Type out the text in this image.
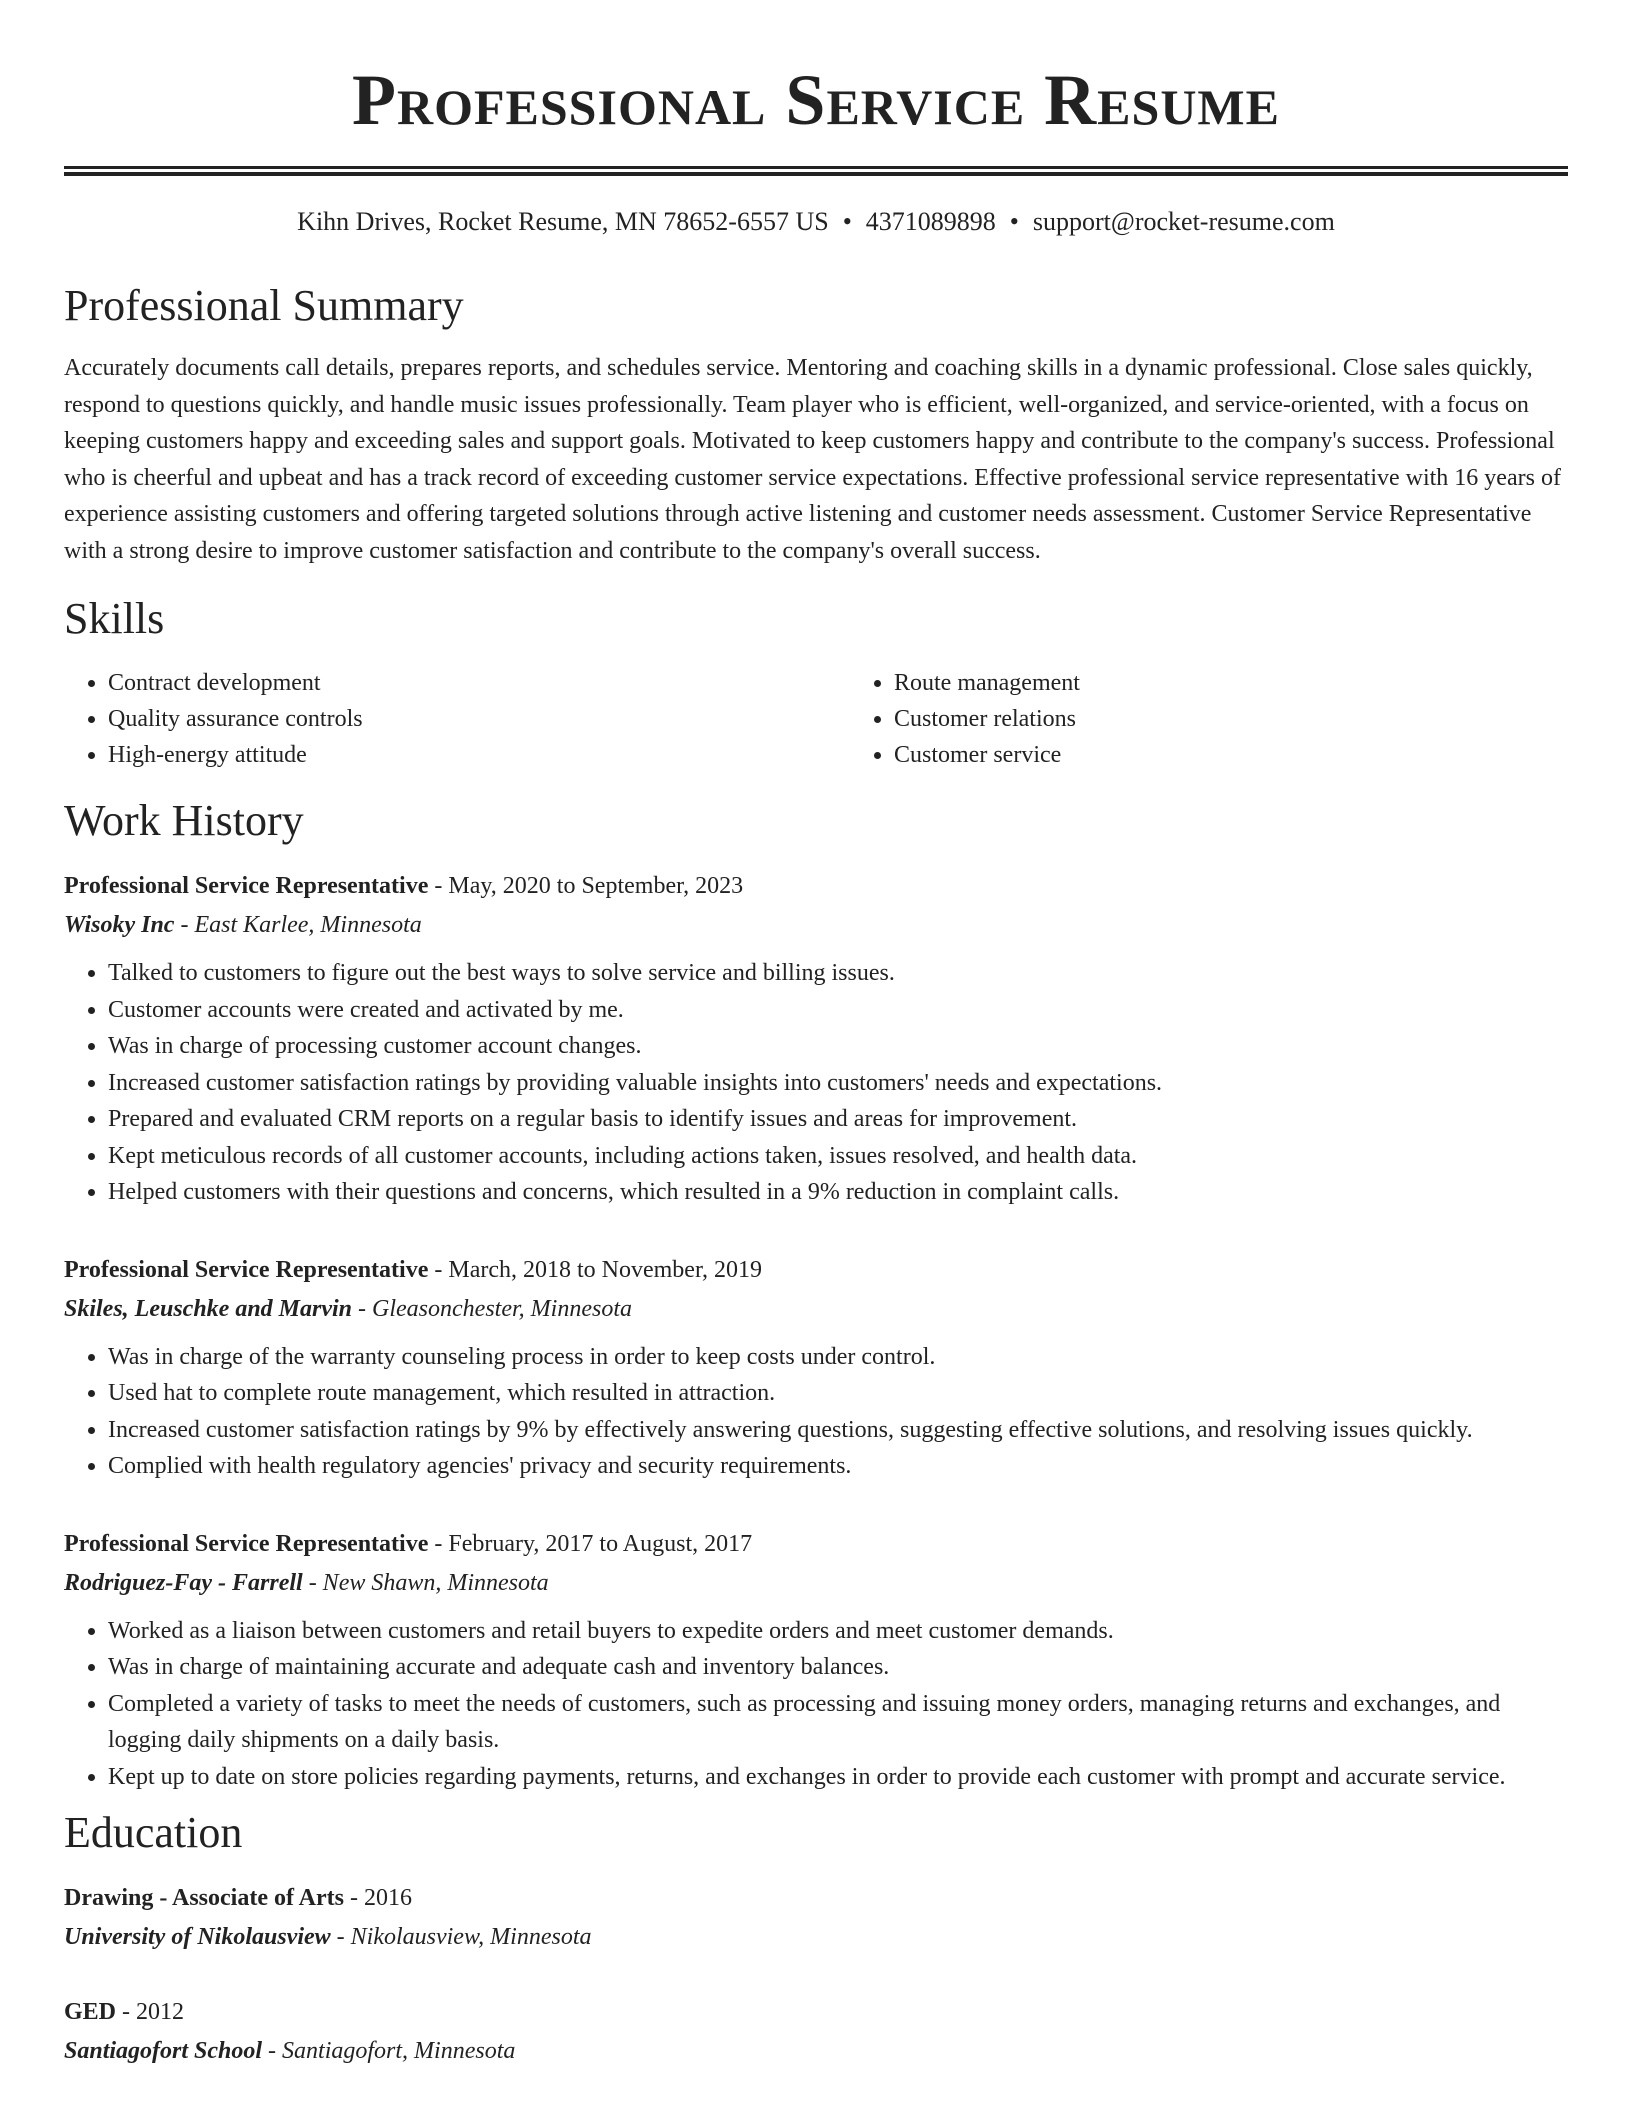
Professional Service Resume
Kihn Drives, Rocket Resume, MN 78652-6557 US • 4371089898 • support@rocket-resume.com
Professional Summary

Accurately documents call details, prepares reports, and schedules service. Mentoring and coaching skills in a dynamic professional. Close sales quickly, respond to questions quickly, and handle music issues professionally. Team player who is efficient, well-organized, and service-oriented, with a focus on keeping customers happy and exceeding sales and support goals. Motivated to keep customers happy and contribute to the company's success. Professional who is cheerful and upbeat and has a track record of exceeding customer service expectations. Effective professional service representative with 16 years of experience assisting customers and offering targeted solutions through active listening and customer needs assessment. Customer Service Representative with a strong desire to improve customer satisfaction and contribute to the company's overall success.

Skills
• Contract development
• Quality assurance controls
• High-energy attitude
• Route management
• Customer relations
• Customer service
Work History
Professional Service Representative - May, 2020 to September, 2023
Wisoky Inc - East Karlee, Minnesota
• Talked to customers to figure out the best ways to solve service and billing issues.
• Customer accounts were created and activated by me.
• Was in charge of processing customer account changes.
• Increased customer satisfaction ratings by providing valuable insights into customers' needs and expectations.
• Prepared and evaluated CRM reports on a regular basis to identify issues and areas for improvement.
• Kept meticulous records of all customer accounts, including actions taken, issues resolved, and health data.
• Helped customers with their questions and concerns, which resulted in a 9% reduction in complaint calls.
Professional Service Representative - March, 2018 to November, 2019
Skiles, Leuschke and Marvin - Gleasonchester, Minnesota
• Was in charge of the warranty counseling process in order to keep costs under control.
• Used hat to complete route management, which resulted in attraction.
• Increased customer satisfaction ratings by 9% by effectively answering questions, suggesting effective solutions, and resolving issues quickly.
• Complied with health regulatory agencies' privacy and security requirements.
Professional Service Representative - February, 2017 to August, 2017
Rodriguez-Fay - Farrell - New Shawn, Minnesota
• Worked as a liaison between customers and retail buyers to expedite orders and meet customer demands.
• Was in charge of maintaining accurate and adequate cash and inventory balances.
• Completed a variety of tasks to meet the needs of customers, such as processing and issuing money orders, managing returns and exchanges, and logging daily shipments on a daily basis.
• Kept up to date on store policies regarding payments, returns, and exchanges in order to provide each customer with prompt and accurate service.
Education
Drawing - Associate of Arts - 2016
University of Nikolausview - Nikolausview, Minnesota
GED - 2012
Santiagofort School - Santiagofort, Minnesota
